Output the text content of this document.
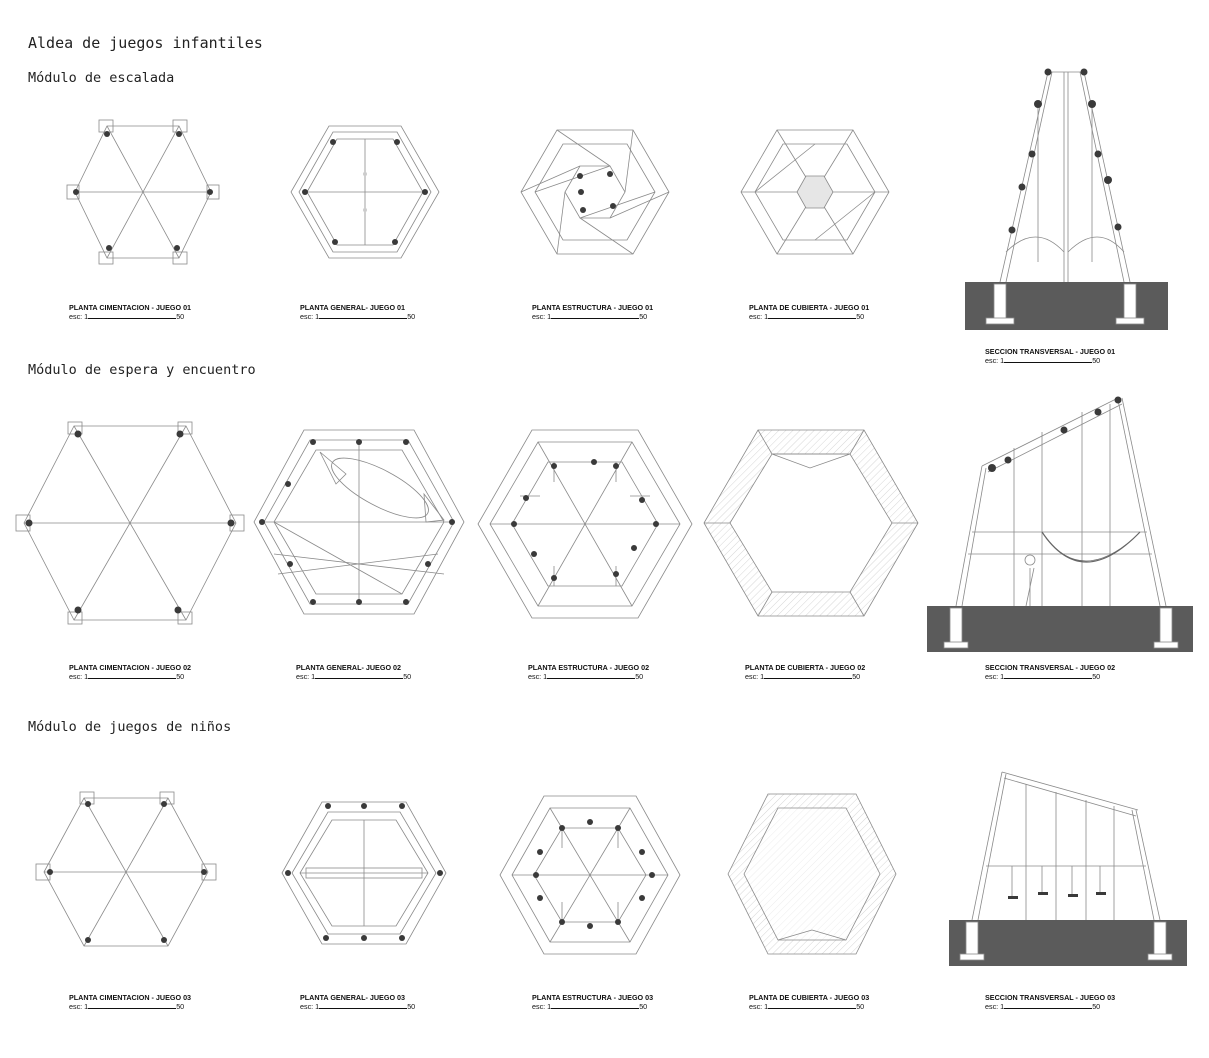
Aldea de juegos infantiles
Módulo de escalada
Módulo de espera y encuentro
Módulo de juegos de niños
PLANTA CIMENTACION - JUEGO 01
esc: 1	50
PLANTA GENERAL- JUEGO 01
esc: 1	50
PLANTA ESTRUCTURA - JUEGO 01
esc: 1	50
PLANTA DE CUBIERTA - JUEGO 01
esc: 1	50
SECCION TRANSVERSAL - JUEGO 01
esc: 1	50
PLANTA CIMENTACION - JUEGO 02
esc: 1	50
PLANTA GENERAL- JUEGO 02
esc: 1	50
PLANTA ESTRUCTURA - JUEGO 02
esc: 1	50
PLANTA DE CUBIERTA - JUEGO 02
esc: 1	50
SECCION TRANSVERSAL - JUEGO 02
esc: 1	50
PLANTA CIMENTACION - JUEGO 03
esc: 1	50
PLANTA GENERAL- JUEGO 03
esc: 1	50
PLANTA ESTRUCTURA - JUEGO 03
esc: 1	50
PLANTA DE CUBIERTA - JUEGO 03
esc: 1	50
SECCION TRANSVERSAL - JUEGO 03
esc: 1	50
